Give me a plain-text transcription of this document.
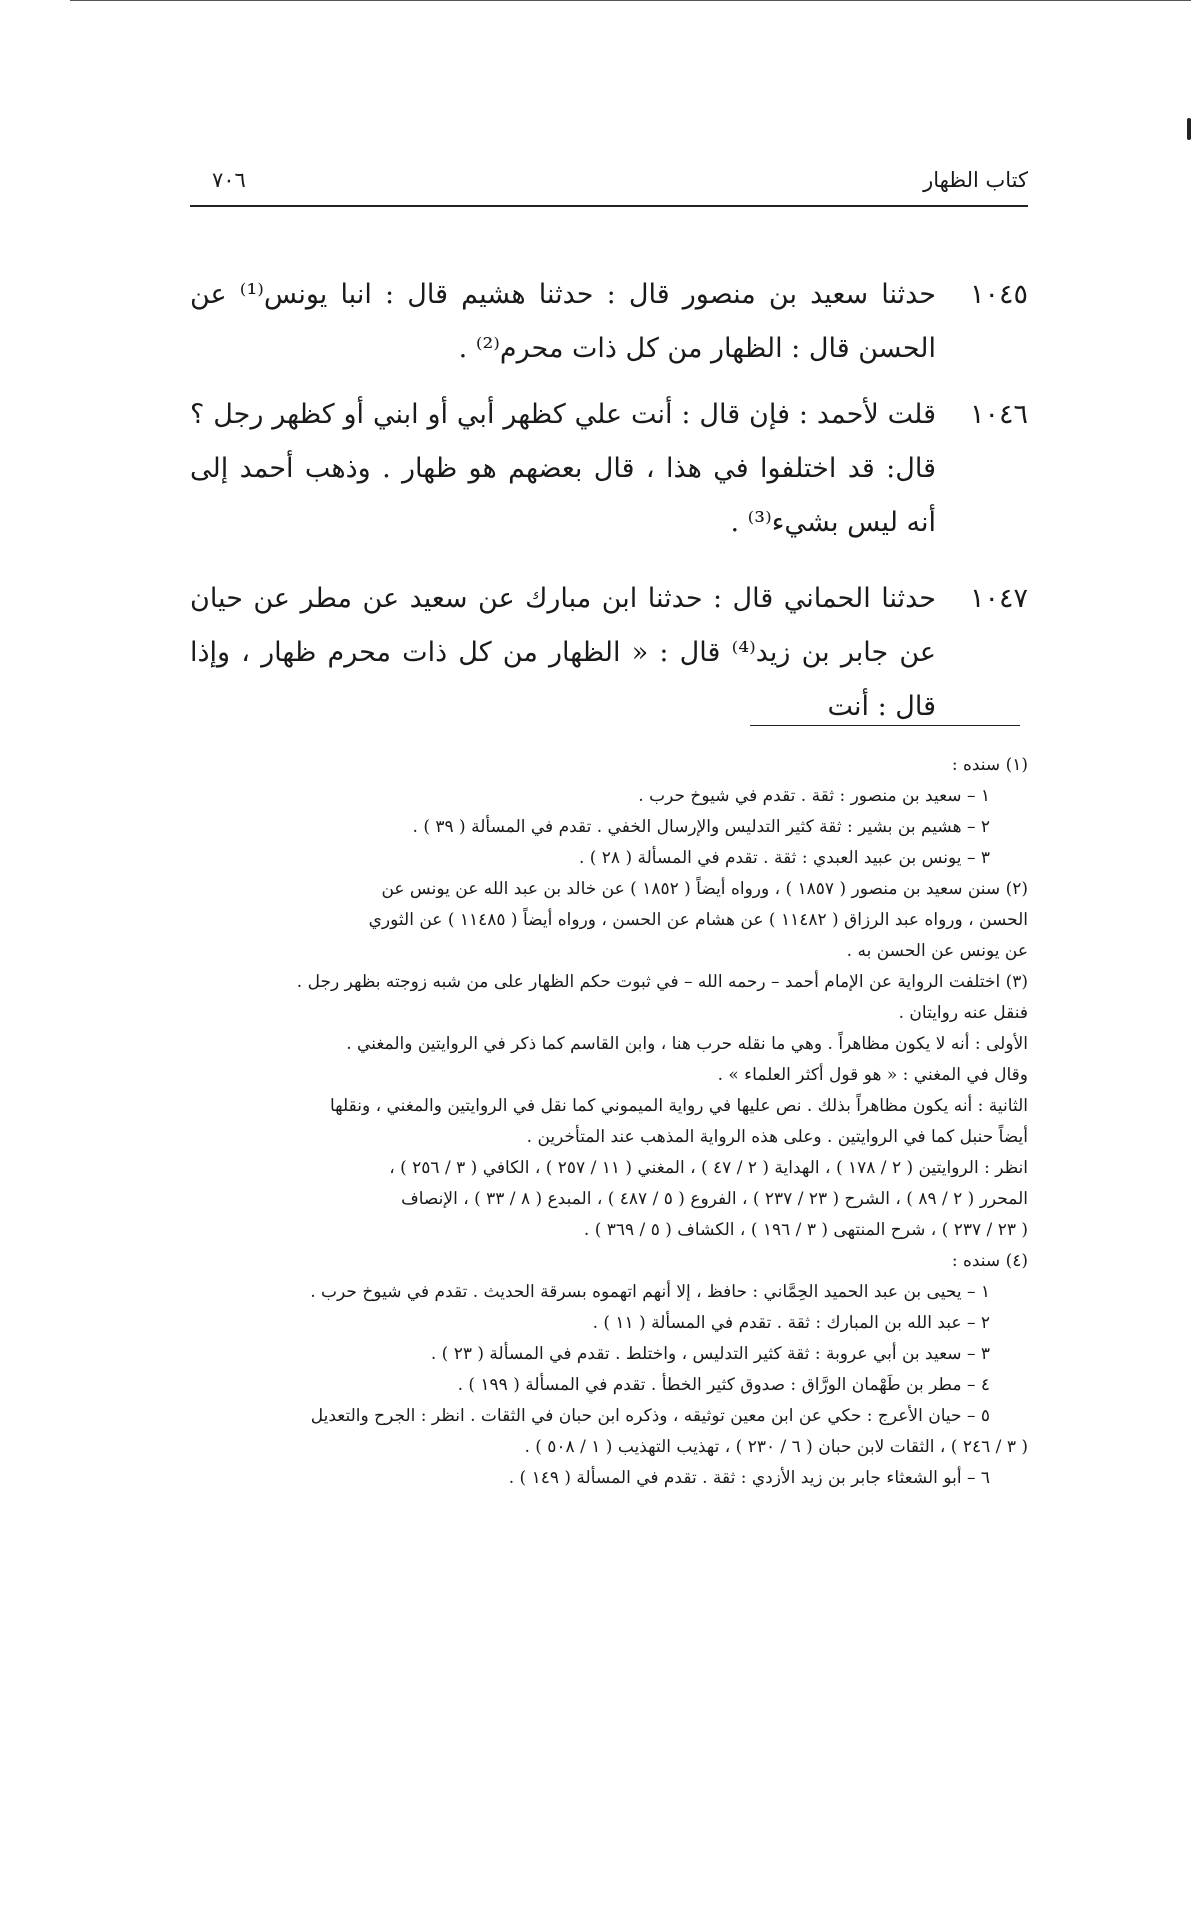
كتاب الظهار
٧٠٦
١٠٤٥
حدثنا سعيد بن منصور قال : حدثنا هشيم قال : انبا يونس⁽¹⁾ عن الحسن قال : الظهار من كل ذات محرم⁽²⁾ .
١٠٤٦
قلت لأحمد : فإن قال : أنت علي كظهر أبي أو ابني أو كظهر رجل ؟ قال: قد اختلفوا في هذا ، قال بعضهم هو ظهار . وذهب أحمد إلى أنه ليس بشيء⁽³⁾ .
١٠٤٧
حدثنا الحماني قال : حدثنا ابن مبارك عن سعيد عن مطر عن حيان عن جابر بن زيد⁽⁴⁾ قال : « الظهار من كل ذات محرم ظهار ، وإذا قال : أنت

(١) سنده :

١ – سعيد بن منصور : ثقة . تقدم في شيوخ حرب .

٢ – هشيم بن بشير : ثقة كثير التدليس والإرسال الخفي . تقدم في المسألة ( ٣٩ ) .

٣ – يونس بن عبيد العبدي : ثقة . تقدم في المسألة ( ٢٨ ) .

(٢) سنن سعيد بن منصور ( ١٨٥٧ ) ، ورواه أيضاً ( ١٨٥٢ ) عن خالد بن عبد الله عن يونس عن

الحسن ، ورواه عبد الرزاق ( ١١٤٨٢ ) عن هشام عن الحسن ، ورواه أيضاً ( ١١٤٨٥ ) عن الثوري

عن يونس عن الحسن به .

(٣) اختلفت الرواية عن الإمام أحمد – رحمه الله – في ثبوت حكم الظهار على من شبه زوجته بظهر رجل .

فنقل عنه روايتان .

الأولى : أنه لا يكون مظاهراً . وهي ما نقله حرب هنا ، وابن القاسم كما ذكر في الروايتين والمغني .

وقال في المغني : « هو قول أكثر العلماء » .

الثانية : أنه يكون مظاهراً بذلك . نص عليها في رواية الميموني كما نقل في الروايتين والمغني ، ونقلها

أيضاً حنبل كما في الروايتين . وعلى هذه الرواية المذهب عند المتأخرين .

انظر : الروايتين ( ٢ / ١٧٨ ) ، الهداية ( ٢ / ٤٧ ) ، المغني ( ١١ / ٢٥٧ ) ، الكافي ( ٣ / ٢٥٦ ) ،

المحرر ( ٢ / ٨٩ ) ، الشرح ( ٢٣ / ٢٣٧ ) ، الفروع ( ٥ / ٤٨٧ ) ، المبدع ( ٨ / ٣٣ ) ، الإنصاف

( ٢٣ / ٢٣٧ ) ، شرح المنتهى ( ٣ / ١٩٦ ) ، الكشاف ( ٥ / ٣٦٩ ) .

(٤) سنده :

١ – يحيى بن عبد الحميد الحِمَّاني : حافظ ، إلا أنهم اتهموه بسرقة الحديث . تقدم في شيوخ حرب .

٢ – عبد الله بن المبارك : ثقة . تقدم في المسألة ( ١١ ) .

٣ – سعيد بن أبي عروبة : ثقة كثير التدليس ، واختلط . تقدم في المسألة ( ٢٣ ) .

٤ – مطر بن طَهْمان الورَّاق : صدوق كثير الخطأ . تقدم في المسألة ( ١٩٩ ) .

٥ – حيان الأعرج : حكي عن ابن معين توثيقه ، وذكره ابن حبان في الثقات . انظر : الجرح والتعديل

( ٣ / ٢٤٦ ) ، الثقات لابن حبان ( ٦ / ٢٣٠ ) ، تهذيب التهذيب ( ١ / ٥٠٨ ) .

٦ – أبو الشعثاء جابر بن زيد الأزدي : ثقة . تقدم في المسألة ( ١٤٩ ) .
